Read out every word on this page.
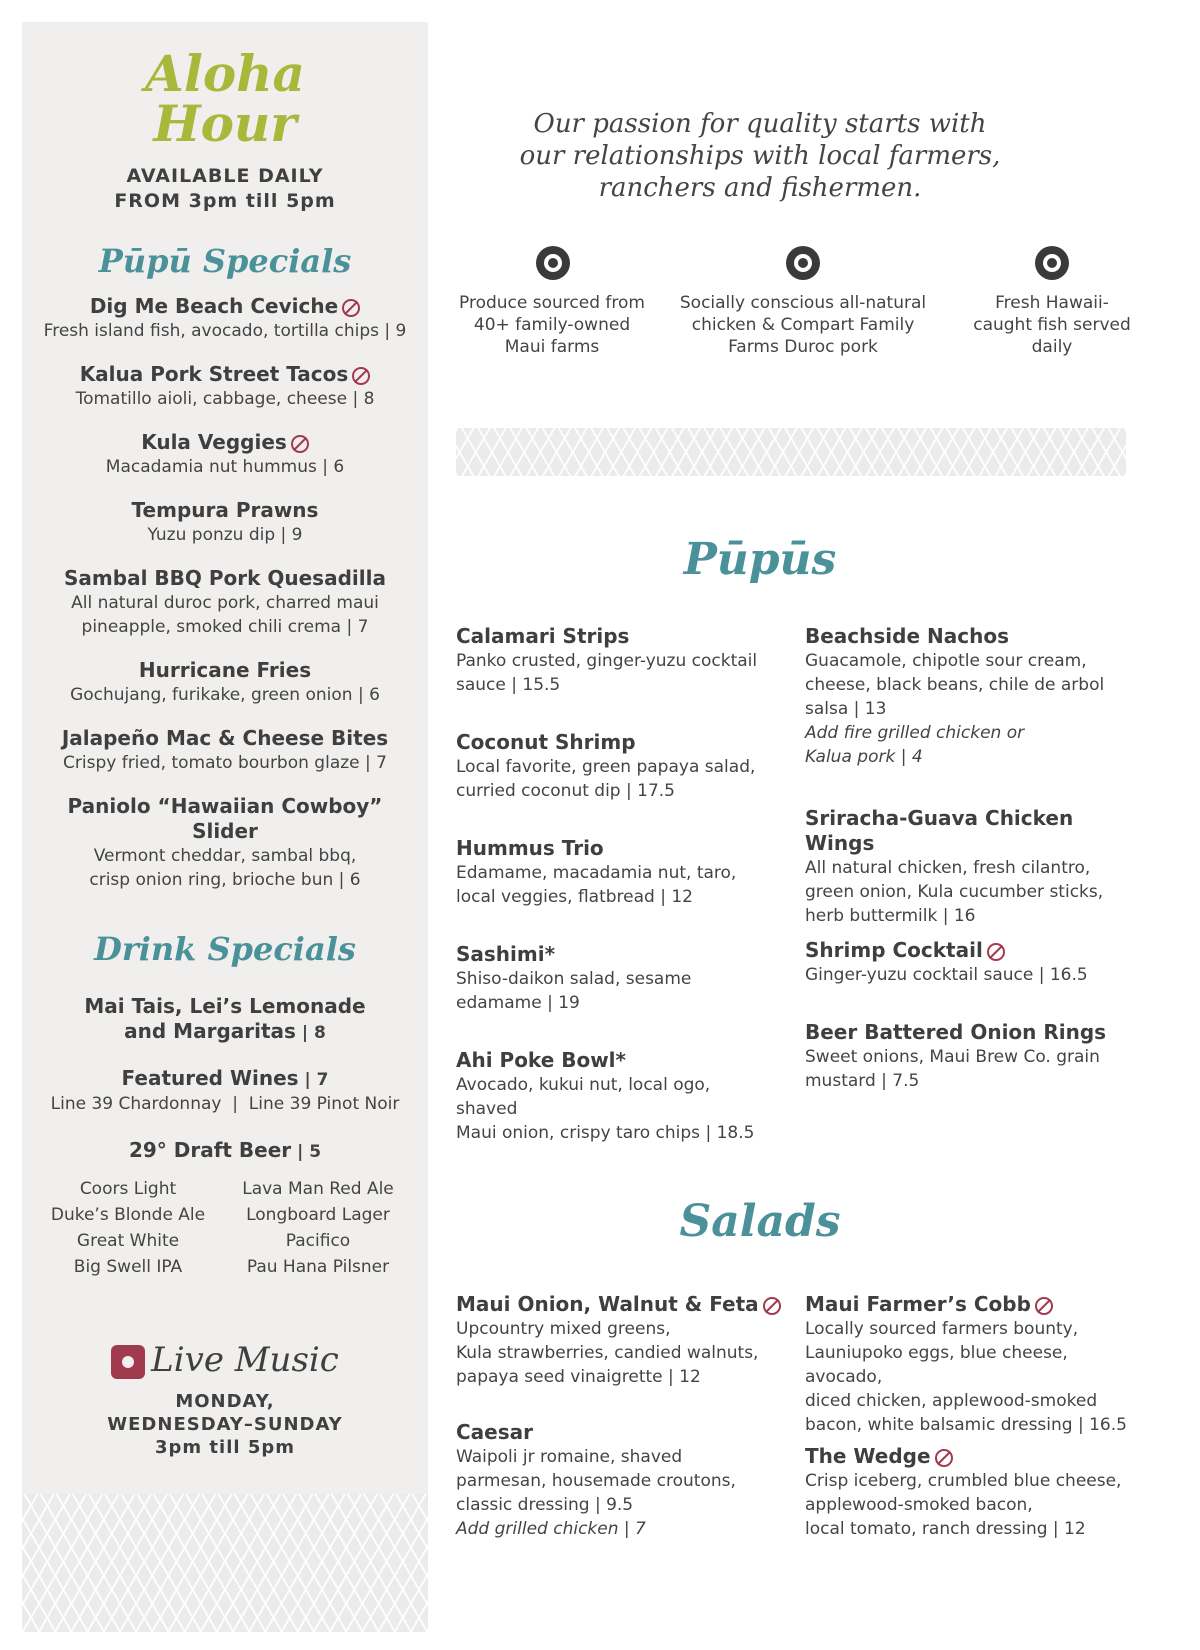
Aloha
Hour
AVAILABLE DAILY
FROM 3pm till 5pm
Pūpū Specials
Dig Me Beach Ceviche
Fresh island fish, avocado, tortilla chips | 9
Kalua Pork Street Tacos
Tomatillo aioli, cabbage, cheese | 8
Kula Veggies
Macadamia nut hummus | 6
Tempura Prawns
Yuzu ponzu dip | 9
Sambal BBQ Pork Quesadilla
All natural duroc pork, charred maui
pineapple, smoked chili crema | 7
Hurricane Fries
Gochujang, furikake, green onion | 6
Jalapeño Mac & Cheese Bites
Crispy fried, tomato bourbon glaze | 7
Paniolo “Hawaiian Cowboy”
Slider
Vermont cheddar, sambal bbq,
crisp onion ring, brioche bun | 6
Drink Specials
Mai Tais, Lei’s Lemonade
and Margaritas | 8
Featured Wines | 7
Line 39 Chardonnay  |  Line 39 Pinot Noir
29° Draft Beer | 5
Coors Light
Duke’s Blonde Ale
Great White
Big Swell IPA
Lava Man Red Ale
Longboard Lager
Pacifico
Pau Hana Pilsner
Live Music
MONDAY,
WEDNESDAY–SUNDAY
3pm till 5pm
Our passion for quality starts with
our relationships with local farmers,
ranchers and fishermen.
Produce sourced from
40+ family-owned
Maui farms
Socially conscious all-natural
chicken & Compart Family
Farms Duroc pork
Fresh Hawaii-
caught fish served
daily
Pūpūs
Calamari Strips
Panko crusted, ginger-yuzu cocktail
sauce | 15.5
Coconut Shrimp
Local favorite, green papaya salad,
curried coconut dip | 17.5
Hummus Trio
Edamame, macadamia nut, taro,
local veggies, flatbread | 12
Sashimi*
Shiso-daikon salad, sesame
edamame | 19
Ahi Poke Bowl*
Avocado, kukui nut, local ogo, shaved
Maui onion, crispy taro chips | 18.5
Beachside Nachos
Guacamole, chipotle sour cream,
cheese, black beans, chile de arbol
salsa | 13
Add fire grilled chicken or
Kalua pork | 4
Sriracha-Guava Chicken Wings
All natural chicken, fresh cilantro,
green onion, Kula cucumber sticks,
herb buttermilk | 16
Shrimp Cocktail
Ginger-yuzu cocktail sauce | 16.5
Beer Battered Onion Rings
Sweet onions, Maui Brew Co. grain
mustard | 7.5
Salads
Maui Onion, Walnut & Feta
Upcountry mixed greens,
Kula strawberries, candied walnuts,
papaya seed vinaigrette | 12
Caesar
Waipoli jr romaine, shaved
parmesan, housemade croutons,
classic dressing | 9.5
Add grilled chicken | 7
Maui Farmer’s Cobb
Locally sourced farmers bounty,
Launiupoko eggs, blue cheese, avocado,
diced chicken, applewood-smoked
bacon, white balsamic dressing | 16.5
The Wedge
Crisp iceberg, crumbled blue cheese,
applewood-smoked bacon,
local tomato, ranch dressing | 12
